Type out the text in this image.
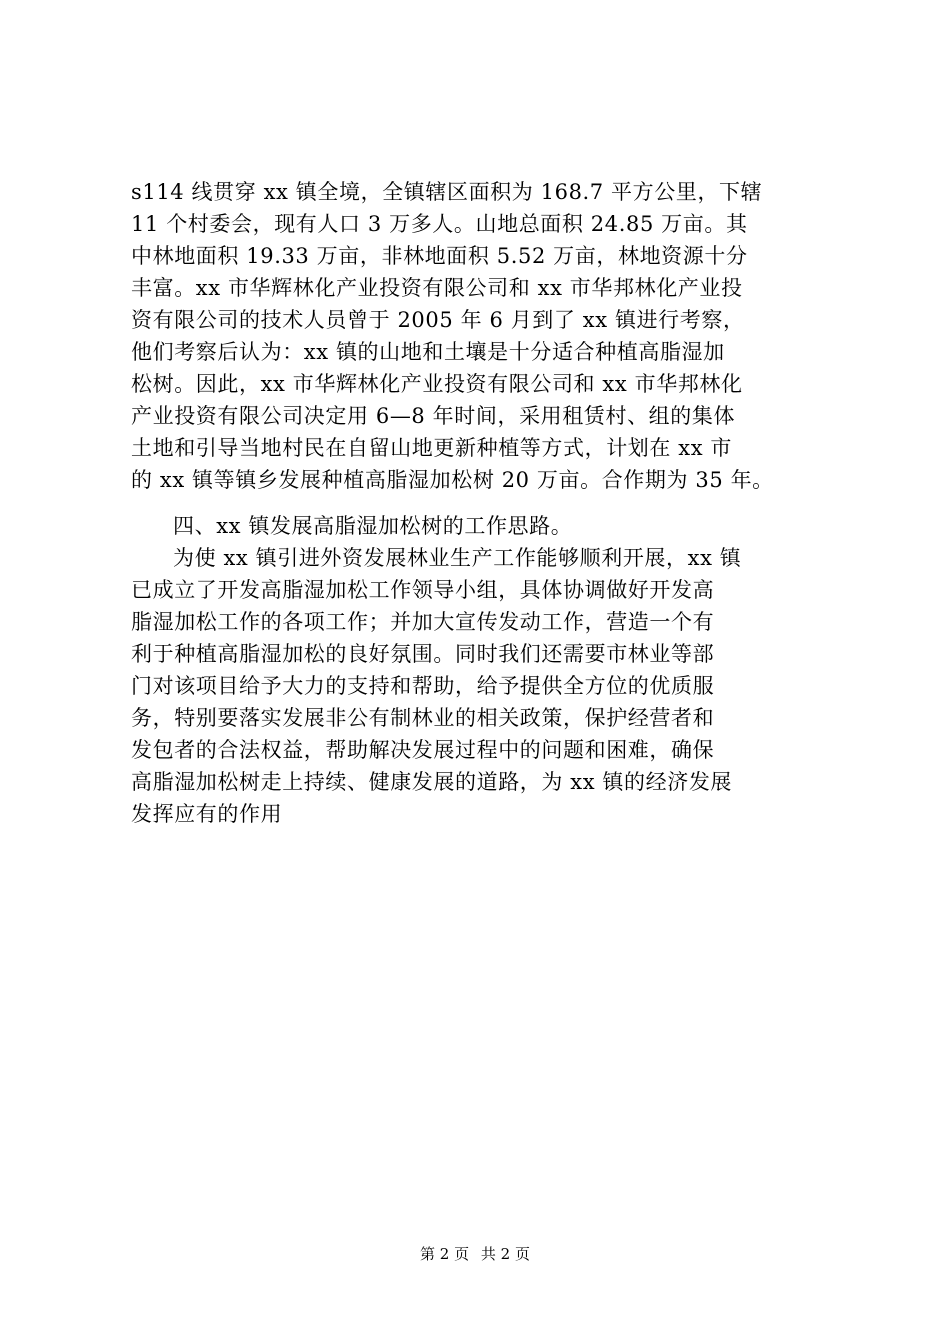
s114 线贯穿 xx 镇全境，全镇辖区面积为 168.7 平方公里，下辖
11 个村委会，现有人口 3 万多人。山地总面积 24.85 万亩。其
中林地面积 19.33 万亩，非林地面积 5.52 万亩，林地资源十分
丰富。xx 市华辉林化产业投资有限公司和 xx 市华邦林化产业投
资有限公司的技术人员曾于 2005 年 6 月到了 xx 镇进行考察，
他们考察后认为：xx 镇的山地和土壤是十分适合种植高脂湿加
松树。因此，xx 市华辉林化产业投资有限公司和 xx 市华邦林化
产业投资有限公司决定用 6—8 年时间，采用租赁村、组的集体
土地和引导当地村民在自留山地更新种植等方式，计划在 xx 市
的 xx 镇等镇乡发展种植高脂湿加松树 20 万亩。合作期为 35 年。
四、xx 镇发展高脂湿加松树的工作思路。
为使 xx 镇引进外资发展林业生产工作能够顺利开展，xx 镇
已成立了开发高脂湿加松工作领导小组，具体协调做好开发高
脂湿加松工作的各项工作；并加大宣传发动工作，营造一个有
利于种植高脂湿加松的良好氛围。同时我们还需要市林业等部
门对该项目给予大力的支持和帮助，给予提供全方位的优质服
务，特别要落实发展非公有制林业的相关政策，保护经营者和
发包者的合法权益，帮助解决发展过程中的问题和困难，确保
高脂湿加松树走上持续、健康发展的道路，为 xx 镇的经济发展
发挥应有的作用
第 2 页 共 2 页
